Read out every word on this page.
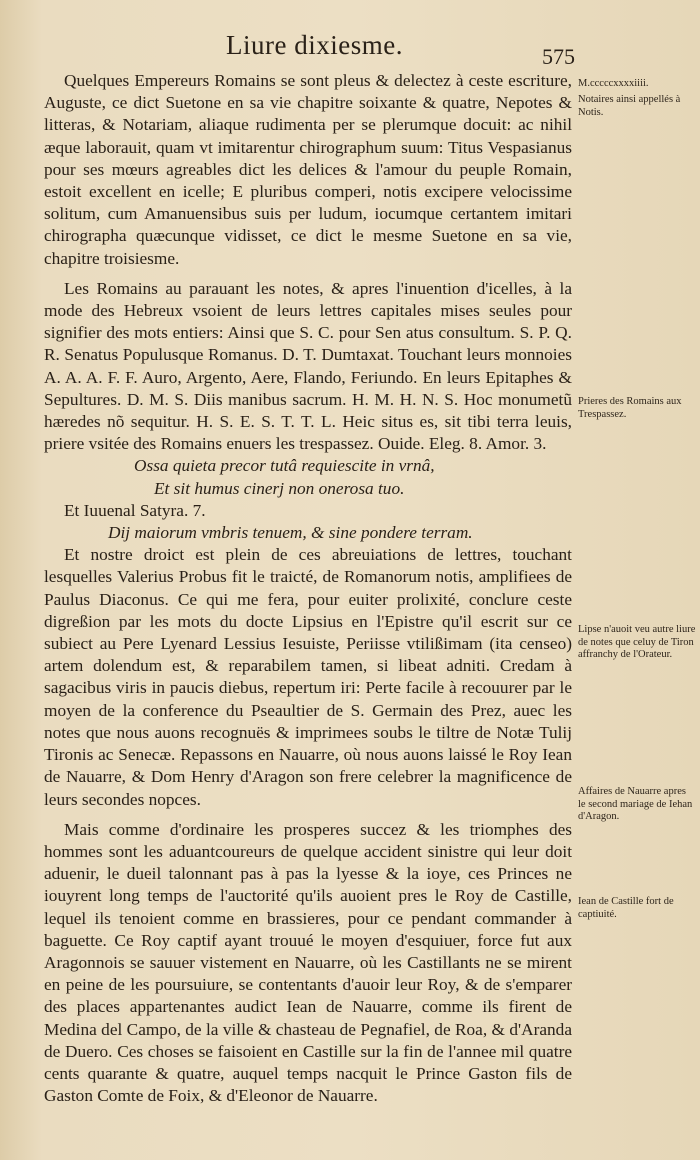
Liure dixiesme.	575

Quelques Empereurs Romains se sont pleus & delectez à ceste escriture, Auguste, ce dict Suetone en sa vie chapitre soixante & quatre, Nepotes & litteras, & Notariam, aliaque rudimenta per se plerumque docuit: ac nihil æque laborauit, quam vt imitarentur chirographum suum: Titus Vespasianus pour ses mœurs agreables dict les delices & l'amour du peuple Romain, estoit excellent en icelle; E pluribus comperi, notis excipere velocissime solitum, cum Amanuensibus suis per ludum, iocumque certantem imitari chirographa quæcunque vidisset, ce dict le mesme Suetone en sa vie, chapitre troisiesme.

Les Romains au parauant les notes, & apres l'inuention d'icelles, à la mode des Hebreux vsoient de leurs lettres capitales mises seules pour signifier des mots entiers: Ainsi que S. C. pour Sen atus consultum. S. P. Q. R. Senatus Populusque Romanus. D. T. Dumtaxat. Touchant leurs monnoies A. A. A. F. F. Auro, Argento, Aere, Flando, Feriundo. En leurs Epitaphes & Sepultures. D. M. S. Diis manibus sacrum. H. M. H. N. S. Hoc monumetũ hæredes nõ sequitur. H. S. E. S. T. T. L. Heic situs es, sit tibi terra leuis, priere vsitée des Romains enuers les trespassez. Ouide. Eleg. 8. Amor. 3.

Ossa quieta precor tutâ requiescite in vrnâ,

Et sit humus cinerj non onerosa tuo.

Et Iuuenal Satyra. 7.

Dij maiorum vmbris tenuem, & sine pondere terram.

Et nostre droict est plein de ces abreuiations de lettres, touchant lesquelles Valerius Probus fit le traicté, de Romanorum notis, amplifiees de Paulus Diaconus. Ce qui me fera, pour euiter prolixité, conclure ceste digreßion par les mots du docte Lipsius en l'Epistre qu'il escrit sur ce subiect au Pere Lyenard Lessius Iesuiste, Periisse vtilißimam (ita censeo) artem dolendum est, & reparabilem tamen, si libeat adniti. Credam à sagacibus viris in paucis diebus, repertum iri: Perte facile à recouurer par le moyen de la conference du Pseaultier de S. Germain des Prez, auec les notes que nous auons recognuës & imprimees soubs le tiltre de Notæ Tulij Tironis ac Senecæ. Repassons en Nauarre, où nous auons laissé le Roy Iean de Nauarre, & Dom Henry d'Aragon son frere celebrer la magnificence de leurs secondes nopces.

Mais comme d'ordinaire les prosperes succez & les triomphes des hommes sont les aduantcoureurs de quelque accident sinistre qui leur doit aduenir, le dueil talonnant pas à pas la lyesse & la ioye, ces Princes ne iouyrent long temps de l'auctorité qu'ils auoient pres le Roy de Castille, lequel ils tenoient comme en brassieres, pour ce pendant commander à baguette. Ce Roy captif ayant trouué le moyen d'esquiuer, force fut aux Aragonnois se sauuer vistement en Nauarre, où les Castillants ne se mirent en peine de les poursuiure, se contentants d'auoir leur Roy, & de s'emparer des places appartenantes audict Iean de Nauarre, comme ils firent de Medina del Campo, de la ville & chasteau de Pegnafiel, de Roa, & d'Aranda de Duero. Ces choses se faisoient en Castille sur la fin de l'annee mil quatre cents quarante & quatre, auquel temps nacquit le Prince Gaston fils de Gaston Comte de Foix, & d'Eleonor de Nauarre.

M.cccccxxxxiiii.
Notaires ainsi appellés à Notis.
Prieres des Romains aux Trespassez.
Lipse n'auoit veu autre liure de notes que celuy de Tiron affranchy de l'Orateur.
Affaires de Nauarre apres le second mariage de Iehan d'Aragon.
Iean de Castille fort de captiuité.
